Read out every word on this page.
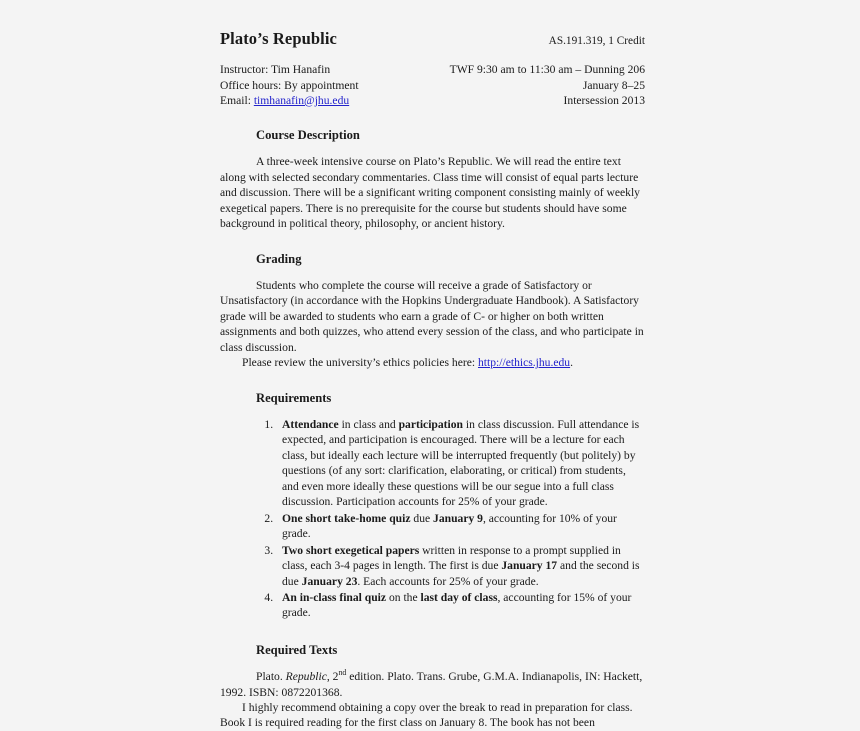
Plato’s Republic	AS.191.319, 1 Credit
Instructor: Tim Hanafin
Office hours: By appointment
Email: timhanafin@jhu.edu
TWF 9:30 am to 11:30 am – Dunning 206
January 8–25
Intersession 2013
Course Description

A three-week intensive course on Plato’s Republic. We will read the entire text along with selected secondary commentaries. Class time will consist of equal parts lecture and discussion. There will be a significant writing component consisting mainly of weekly exegetical papers. There is no prerequisite for the course but students should have some background in political theory, philosophy, or ancient history.

Grading

Students who complete the course will receive a grade of Satisfactory or Unsatisfactory (in accordance with the Hopkins Undergraduate Handbook). A Satisfactory grade will be awarded to students who earn a grade of C- or higher on both written assignments and both quizzes, who attend every session of the class, and who participate in class discussion.

Please review the university’s ethics policies here: http://ethics.jhu.edu.

Requirements
1. Attendance in class and participation in class discussion. Full attendance is expected, and participation is encouraged. There will be a lecture for each class, but ideally each lecture will be interrupted frequently (but politely) by questions (of any sort: clarification, elaborating, or critical) from students, and even more ideally these questions will be our segue into a full class discussion. Participation accounts for 25% of your grade.
2. One short take-home quiz due January 9, accounting for 10% of your grade.
3. Two short exegetical papers written in response to a prompt supplied in class, each 3-4 pages in length. The first is due January 17 and the second is due January 23. Each accounts for 25% of your grade.
4. An in-class final quiz on the last day of class, accounting for 15% of your grade.
Required Texts

Plato. Republic, 2nd edition. Plato. Trans. Grube, G.M.A. Indianapolis, IN: Hackett, 1992. ISBN: 0872201368.

I highly recommend obtaining a copy over the break to read in preparation for class. Book I is required reading for the first class on January 8. The book has not been
